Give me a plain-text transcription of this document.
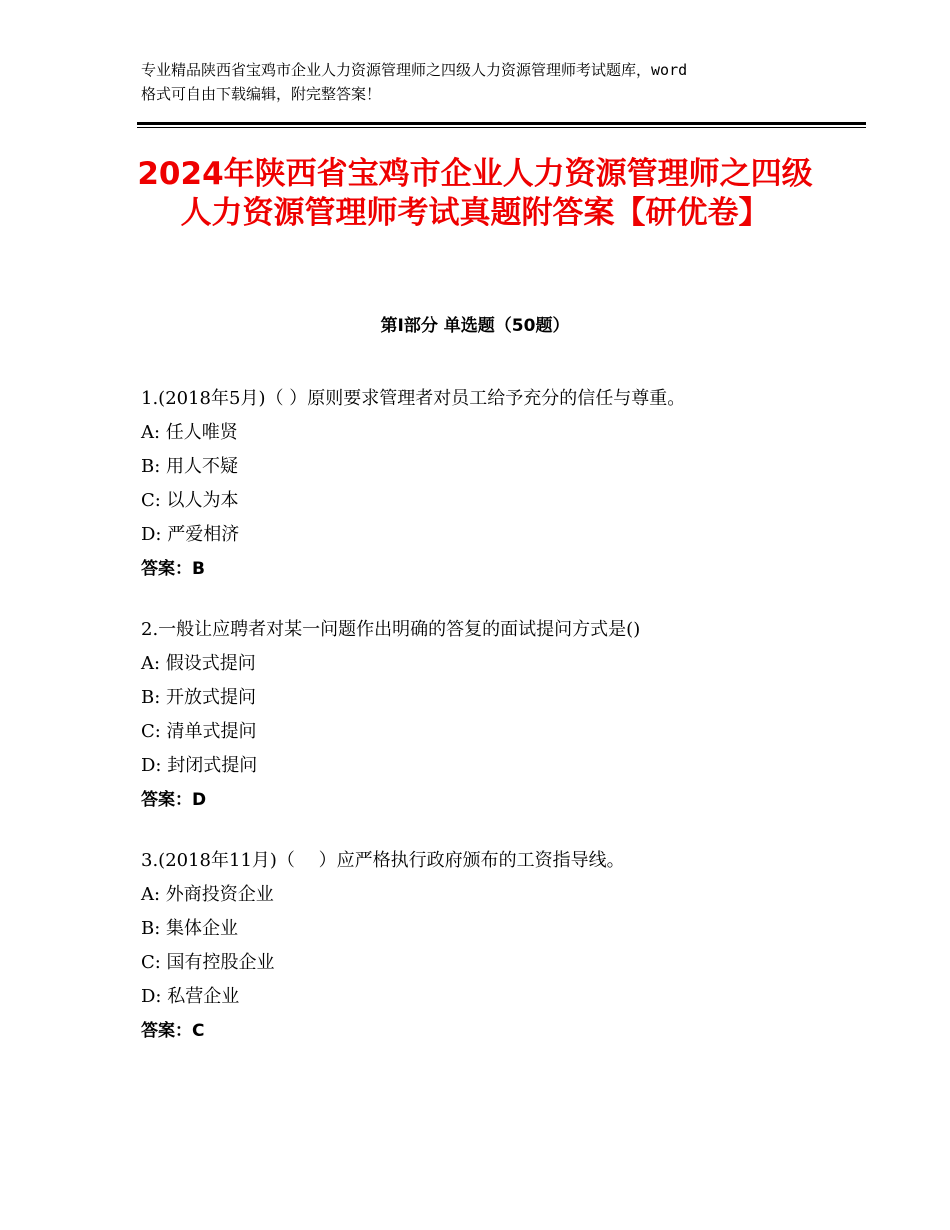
专业精品陕西省宝鸡市企业人力资源管理师之四级人力资源管理师考试题库，word
格式可自由下载编辑，附完整答案！
2024年陕西省宝鸡市企业人力资源管理师之四级人力资源管理师考试真题附答案【研优卷】
第Ⅰ部分 单选题（50题）
1.(2018年5月)（ ）原则要求管理者对员工给予充分的信任与尊重。
A: 任人唯贤
B: 用人不疑
C: 以人为本
D: 严爱相济
答案：B
2.一般让应聘者对某一问题作出明确的答复的面试提问方式是()
A: 假设式提问
B: 开放式提问
C: 清单式提问
D: 封闭式提问
答案：D
3.(2018年11月)（　 ）应严格执行政府颁布的工资指导线。
A: 外商投资企业
B: 集体企业
C: 国有控股企业
D: 私营企业
答案：C
